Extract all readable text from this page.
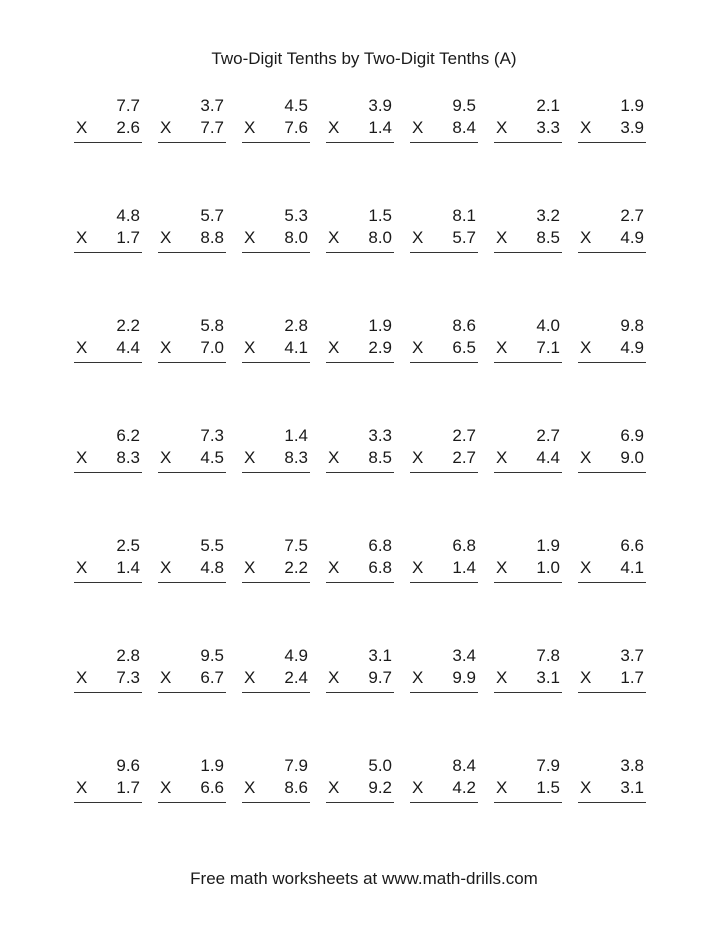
Two-Digit Tenths by Two-Digit Tenths (A)
7.7
X 2.6
3.7
X 7.7
4.5
X 7.6
3.9
X 1.4
9.5
X 8.4
2.1
X 3.3
1.9
X 3.9
4.8
X 1.7
5.7
X 8.8
5.3
X 8.0
1.5
X 8.0
8.1
X 5.7
3.2
X 8.5
2.7
X 4.9
2.2
X 4.4
5.8
X 7.0
2.8
X 4.1
1.9
X 2.9
8.6
X 6.5
4.0
X 7.1
9.8
X 4.9
6.2
X 8.3
7.3
X 4.5
1.4
X 8.3
3.3
X 8.5
2.7
X 2.7
2.7
X 4.4
6.9
X 9.0
2.5
X 1.4
5.5
X 4.8
7.5
X 2.2
6.8
X 6.8
6.8
X 1.4
1.9
X 1.0
6.6
X 4.1
2.8
X 7.3
9.5
X 6.7
4.9
X 2.4
3.1
X 9.7
3.4
X 9.9
7.8
X 3.1
3.7
X 1.7
9.6
X 1.7
1.9
X 6.6
7.9
X 8.6
5.0
X 9.2
8.4
X 4.2
7.9
X 1.5
3.8
X 3.1
Free math worksheets at www.math-drills.com
